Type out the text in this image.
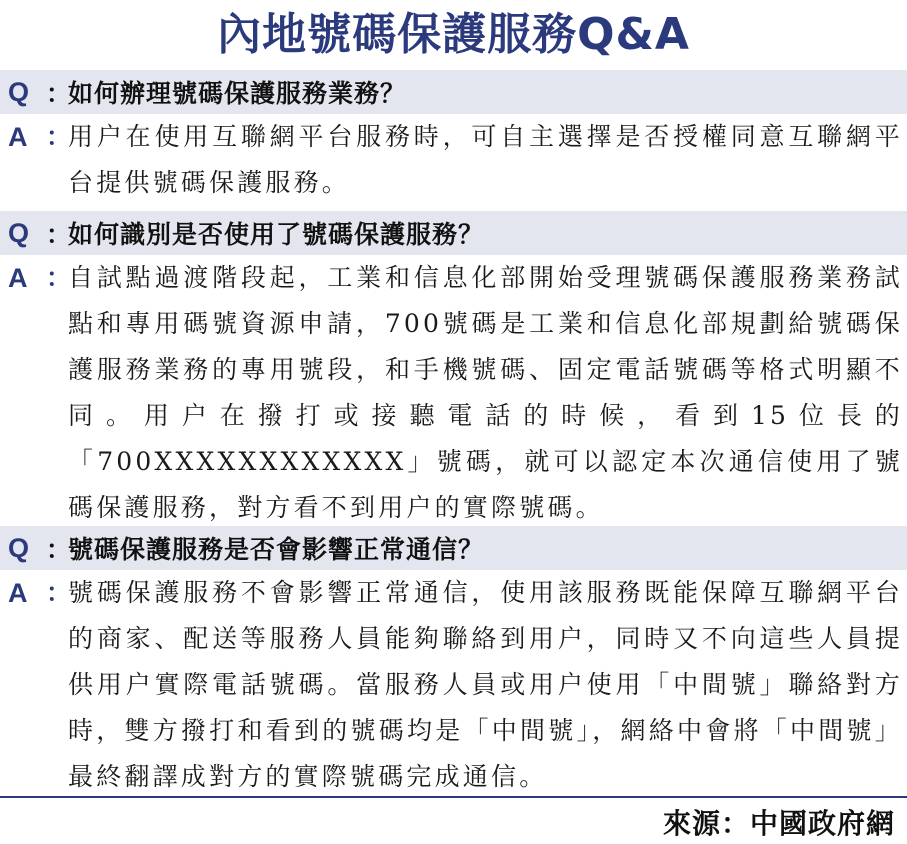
內地號碼保護服務Q&A
Q ：
如何辦理號碼保護服務業務？
A ：
用户在使用互聯網平台服務時，可自主選擇是否授權同意互聯網平台提供號碼保護服務。
Q ：
如何識別是否使用了號碼保護服務？
A ：
自試點過渡階段起，工業和信息化部開始受理號碼保護服務業務試點和專用碼號資源申請，700號碼是工業和信息化部規劃給號碼保護服務業務的專用號段，和手機號碼、固定電話號碼等格式明顯不同。用户在撥打或接聽電話的時候，看到15位長的「700XXXXXXXXXXXX」號碼，就可以認定本次通信使用了號碼保護服務，對方看不到用户的實際號碼。
Q ：
號碼保護服務是否會影響正常通信？
A ：
號碼保護服務不會影響正常通信，使用該服務既能保障互聯網平台的商家、配送等服務人員能夠聯絡到用户，同時又不向這些人員提供用户實際電話號碼。當服務人員或用户使用「中間號」聯絡對方時，雙方撥打和看到的號碼均是「中間號」，網絡中會將「中間號」最終翻譯成對方的實際號碼完成通信。
來源：中國政府網
